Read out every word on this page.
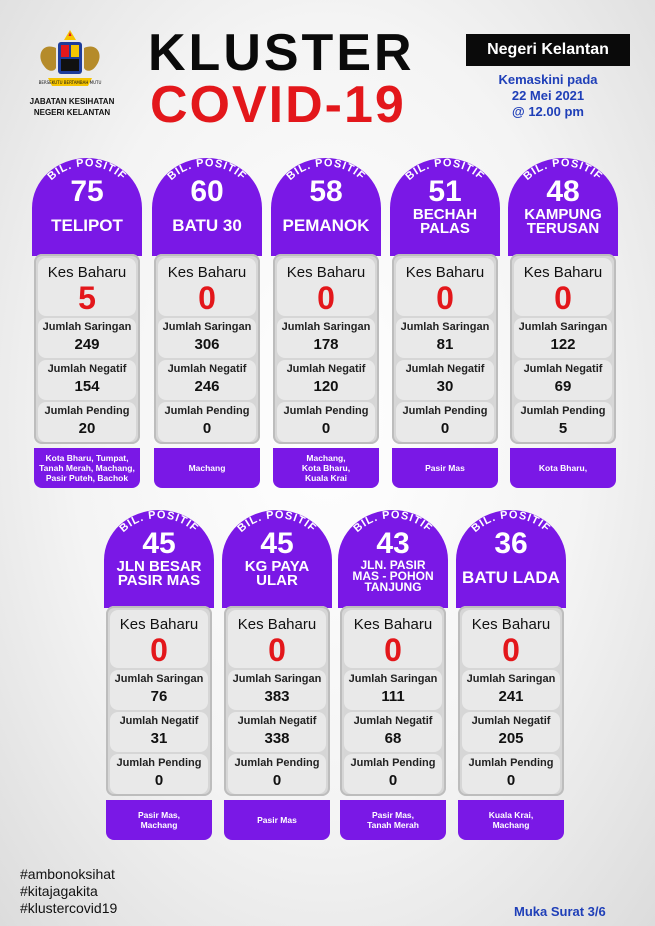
BERSEKUTU BERTAMBAH MUTU
JABATAN KESIHATAN
NEGERI KELANTAN
KLUSTER
COVID-19
Negeri Kelantan
Kemaskini pada
22 Mei 2021
@ 12.00 pm
BIL. POSITIF
75
TELIPOT
Kes Baharu
5
Jumlah Saringan
249
Jumlah Negatif
154
Jumlah Pending
20
Kota Bharu, Tumpat,
Tanah Merah, Machang,
Pasir Puteh, Bachok
BIL. POSITIF
60
BATU 30
Kes Baharu
0
Jumlah Saringan
306
Jumlah Negatif
246
Jumlah Pending
0
Machang
BIL. POSITIF
58
PEMANOK
Kes Baharu
0
Jumlah Saringan
178
Jumlah Negatif
120
Jumlah Pending
0
Machang,
Kota Bharu,
Kuala Krai
BIL. POSITIF
51
BECHAH
PALAS
Kes Baharu
0
Jumlah Saringan
81
Jumlah Negatif
30
Jumlah Pending
0
Pasir Mas
BIL. POSITIF
48
KAMPUNG
TERUSAN
Kes Baharu
0
Jumlah Saringan
122
Jumlah Negatif
69
Jumlah Pending
5
Kota Bharu,
BIL. POSITIF
45
JLN BESAR
PASIR MAS
Kes Baharu
0
Jumlah Saringan
76
Jumlah Negatif
31
Jumlah Pending
0
Pasir Mas,
Machang
BIL. POSITIF
45
KG PAYA
ULAR
Kes Baharu
0
Jumlah Saringan
383
Jumlah Negatif
338
Jumlah Pending
0
Pasir Mas
BIL. POSITIF
43
JLN. PASIR
MAS - POHON
TANJUNG
Kes Baharu
0
Jumlah Saringan
111
Jumlah Negatif
68
Jumlah Pending
0
Pasir Mas,
Tanah Merah
BIL. POSITIF
36
BATU LADA
Kes Baharu
0
Jumlah Saringan
241
Jumlah Negatif
205
Jumlah Pending
0
Kuala Krai,
Machang
#ambonoksihat
#kitajagakita
#klustercovid19	Muka Surat 3/6
